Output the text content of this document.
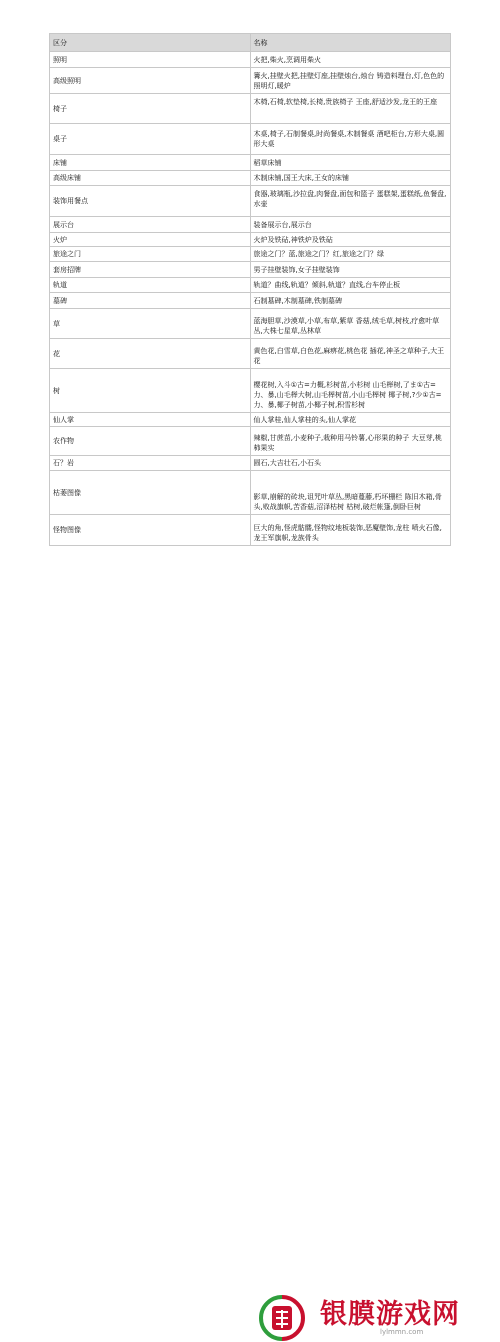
区分	名称
照明	火把,柴火,烹调用柴火
高级照明	篝火,挂壁火把,挂壁灯座,挂壁烛台,烛台 铸造料理台,灯,色色的照明灯,暖炉
椅子	木椅,石椅,软垫椅,长椅,贵族椅子 王座,舒适沙发,龙王的王座
桌子	木桌,椅子,石制餐桌,时尚餐桌,木制餐桌 酒吧柜台,方形大桌,圆形大桌
床铺	稻草床铺
高级床铺	木制床铺,国王大床,王女的床铺
装饰用餐点	食器,玻璃瓶,沙拉盘,肉餐盘,面包和篮子 蛋糕架,蛋糕纸,鱼餐盘,水壶
展示台	装备展示台,展示台
火炉	火炉及铁砧,神铁炉及铁砧
旅途之门	旅途之门？蓝,旅途之门？红,旅途之门？绿
套房招牌	男子挂壁装饰,女子挂壁装饰
轨道	轨道？曲线,轨道？倾斜,轨道？直线,台车停止板
墓碑	石制墓碑,木制墓碑,铁制墓碑
草	蓝海胆草,沙漠草,小草,布草,紫草 香菇,绒毛草,树枝,疗愈叶草丛,大株七星草,丛林草
花	黄色花,白雪草,白色花,麻痹花,桃色花 插花,神圣之草种子,大王花
树	樱花树,入斗①古=力概,杉树苗,小杉树 山毛榉树,了ま①古=力、暴,山毛榉大树,山毛榉树苗,小山毛榉树 椰子树,?少①古=力、暴,椰子树苗,小椰子树,积雪杉树
仙人掌	仙人掌桂,仙人掌桂的头,仙人掌花
农作物	辣椒,甘蔗苗,小麦种子,栽种用马铃薯,心形果的种子 大豆芽,桃柿果实
石？岩	圆石,大吉壮石,小石头
枯萎图像	影草,崩解的砖块,诅咒叶草丛,黑暗蔓藤,朽坏栅栏 陈旧木箱,骨头,败战旗帜,苦香菇,沼泽枯树 枯树,破烂帐篷,倒卧巨树
怪物图像	巨大的角,怪虎骷髅,怪物纹地板装饰,恶魔壁饰,龙柱 喷火石像,龙王军旗帜,龙族骨头
银膜游戏网
lylmmn.com
